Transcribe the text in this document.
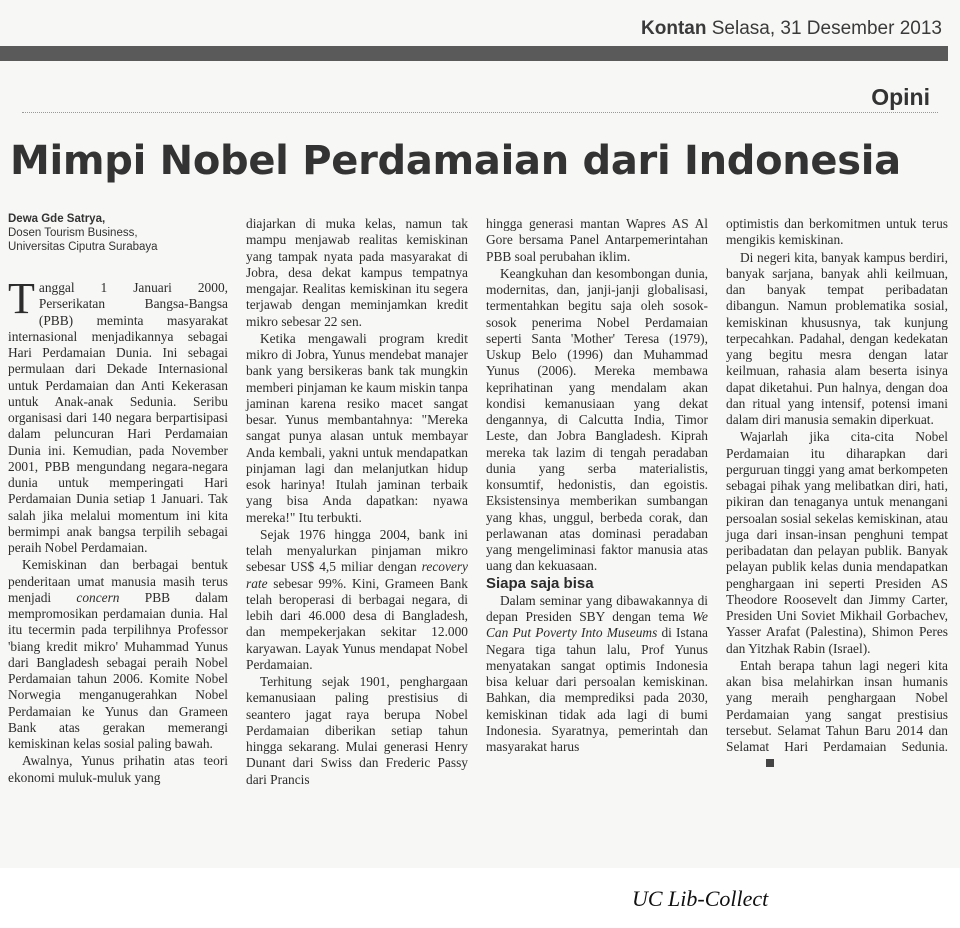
Kontan Selasa, 31 Desember 2013
Opini
Mimpi Nobel Perdamaian dari Indonesia
Dewa Gde Satrya,
Dosen Tourism Business,
Universitas Ciputra Surabaya

Tanggal 1 Januari 2000, Perserikatan Bangsa-Bangsa (PBB) meminta masyarakat internasional menjadikannya sebagai Hari Perdamaian Dunia. Ini sebagai permulaan dari Dekade Internasional untuk Perdamaian dan Anti Kekerasan untuk Anak-anak Sedunia. Seribu organisasi dari 140 negara berpartisipasi dalam peluncuran Hari Perdamaian Dunia ini. Kemudian, pada November 2001, PBB mengundang negara-negara dunia untuk memperingati Hari Perdamaian Dunia setiap 1 Januari. Tak salah jika melalui momentum ini kita bermimpi anak bangsa terpilih sebagai peraih Nobel Perdamaian.

Kemiskinan dan berbagai bentuk penderitaan umat manusia masih terus menjadi concern PBB dalam mempromosikan perdamaian dunia. Hal itu tecermin pada terpilihnya Professor 'biang kredit mikro' Muhammad Yunus dari Bangladesh sebagai peraih Nobel Perdamaian tahun 2006. Komite Nobel Norwegia menganugerahkan Nobel Perdamaian ke Yunus dan Grameen Bank atas gerakan memerangi kemiskinan kelas sosial paling bawah.

Awalnya, Yunus prihatin atas teori ekonomi muluk-muluk yang

diajarkan di muka kelas, namun tak mampu menjawab realitas kemiskinan yang tampak nyata pada masyarakat di Jobra, desa dekat kampus tempatnya mengajar. Realitas kemiskinan itu segera terjawab dengan meminjamkan kredit mikro sebesar 22 sen.

Ketika mengawali program kredit mikro di Jobra, Yunus mendebat manajer bank yang bersikeras bank tak mungkin memberi pinjaman ke kaum miskin tanpa jaminan karena resiko macet sangat besar. Yunus membantahnya: "Mereka sangat punya alasan untuk membayar Anda kembali, yakni untuk mendapatkan pinjaman lagi dan melanjutkan hidup esok harinya! Itulah jaminan terbaik yang bisa Anda dapatkan: nyawa mereka!" Itu terbukti.

Sejak 1976 hingga 2004, bank ini telah menyalurkan pinjaman mikro sebesar US$ 4,5 miliar dengan recovery rate sebesar 99%. Kini, Grameen Bank telah beroperasi di berbagai negara, di lebih dari 46.000 desa di Bangladesh, dan mempekerjakan sekitar 12.000 karyawan. Layak Yunus mendapat Nobel Perdamaian.

Terhitung sejak 1901, penghargaan kemanusiaan paling prestisius di seantero jagat raya berupa Nobel Perdamaian diberikan setiap tahun hingga sekarang. Mulai generasi Henry Dunant dari Swiss dan Frederic Passy dari Prancis

hingga generasi mantan Wapres AS Al Gore bersama Panel Antarpemerintahan PBB soal perubahan iklim.

Keangkuhan dan kesombongan dunia, modernitas, dan, janji-janji globalisasi, termentahkan begitu saja oleh sosok-sosok penerima Nobel Perdamaian seperti Santa 'Mother' Teresa (1979), Uskup Belo (1996) dan Muhammad Yunus (2006). Mereka membawa keprihatinan yang mendalam akan kondisi kemanusiaan yang dekat dengannya, di Calcutta India, Timor Leste, dan Jobra Bangladesh. Kiprah mereka tak lazim di tengah peradaban dunia yang serba materialistis, konsumtif, hedonistis, dan egoistis. Eksistensinya memberikan sumbangan yang khas, unggul, berbeda corak, dan perlawanan atas dominasi peradaban yang mengeliminasi faktor manusia atas uang dan kekuasaan.

Siapa saja bisa

Dalam seminar yang dibawakannya di depan Presiden SBY dengan tema We Can Put Poverty Into Museums di Istana Negara tiga tahun lalu, Prof Yunus menyatakan sangat optimis Indonesia bisa keluar dari persoalan kemiskinan. Bahkan, dia memprediksi pada 2030, kemiskinan tidak ada lagi di bumi Indonesia. Syaratnya, pemerintah dan masyarakat harus

optimistis dan berkomitmen untuk terus mengikis kemiskinan.

Di negeri kita, banyak kampus berdiri, banyak sarjana, banyak ahli keilmuan, dan banyak tempat peribadatan dibangun. Namun problematika sosial, kemiskinan khususnya, tak kunjung terpecahkan. Padahal, dengan kedekatan yang begitu mesra dengan latar keilmuan, rahasia alam beserta isinya dapat diketahui. Pun halnya, dengan doa dan ritual yang intensif, potensi imani dalam diri manusia semakin diperkuat.

Wajarlah jika cita-cita Nobel Perdamaian itu diharapkan dari perguruan tinggi yang amat berkompeten sebagai pihak yang melibatkan diri, hati, pikiran dan tenaganya untuk menangani persoalan sosial sekelas kemiskinan, atau juga dari insan-insan penghuni tempat peribadatan dan pelayan publik. Banyak pelayan publik kelas dunia mendapatkan penghargaan ini seperti Presiden AS Theodore Roosevelt dan Jimmy Carter, Presiden Uni Soviet Mikhail Gorbachev, Yasser Arafat (Palestina), Shimon Peres dan Yitzhak Rabin (Israel).

Entah berapa tahun lagi negeri kita akan bisa melahirkan insan humanis yang meraih penghargaan Nobel Perdamaian yang sangat prestisius tersebut. Selamat Tahun Baru 2014 dan Selamat Hari Perdamaian Sedunia.

UC Lib-Collect
